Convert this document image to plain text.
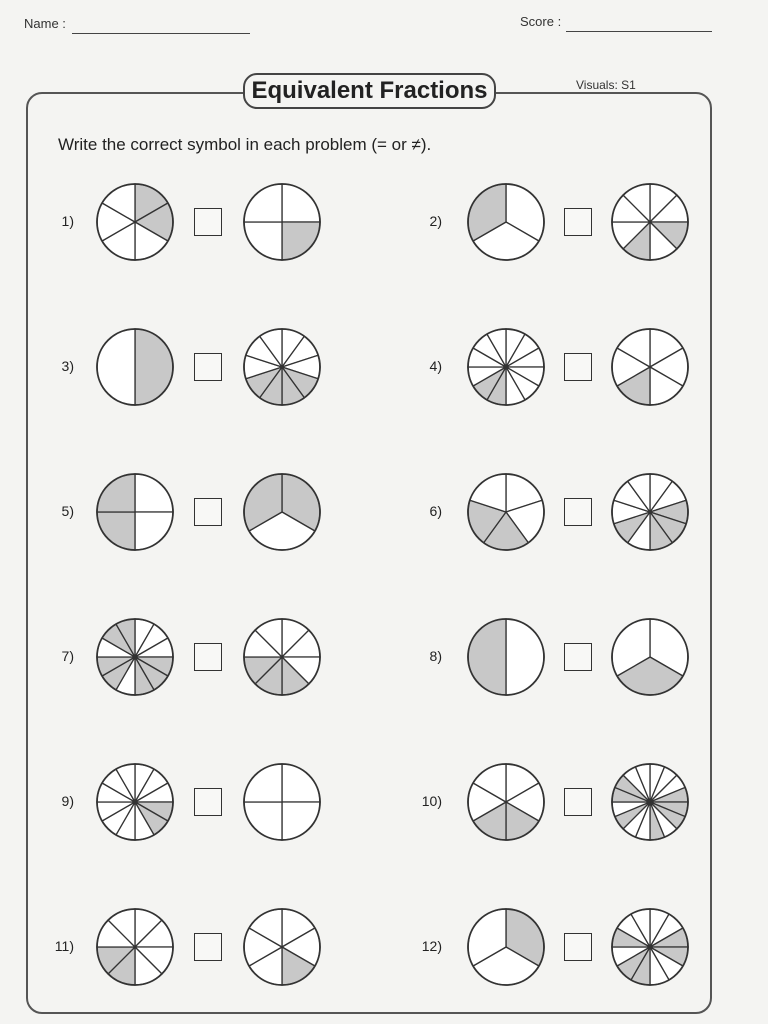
Name :	Score :
Equivalent Fractions	Visuals: S1
Write the correct symbol in each problem (= or ≠).
1)	2)
3)	4)
5)	6)
7)	8)
9)	10)
11)	12)
